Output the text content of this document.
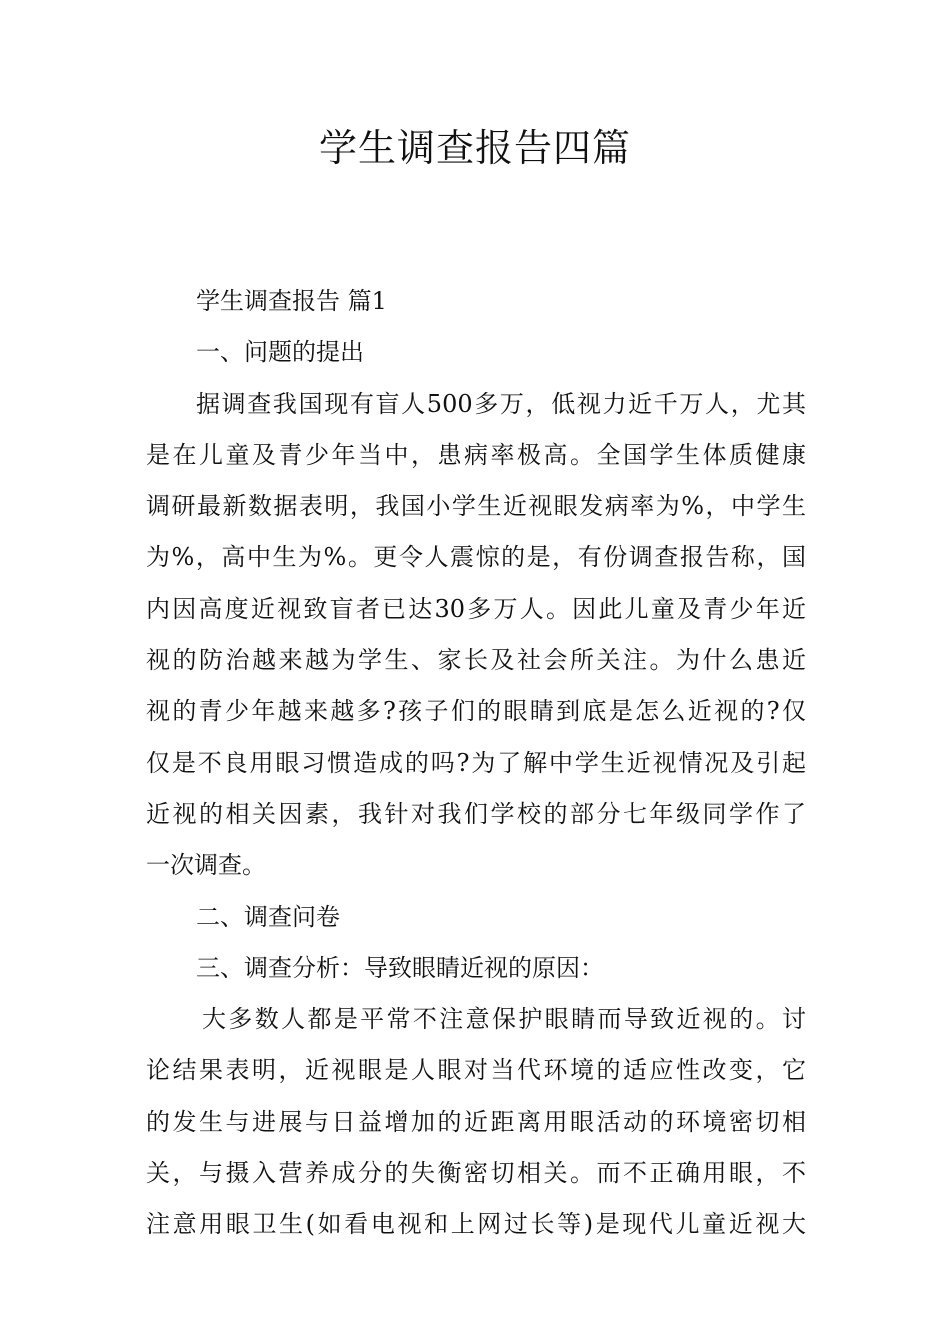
学生调查报告四篇

学生调查报告 篇1

一、问题的提出

据调查我国现有盲人500多万，低视力近千万人，尤其

是在儿童及青少年当中，患病率极高。全国学生体质健康

调研最新数据表明，我国小学生近视眼发病率为%，中学生

为%，高中生为%。更令人震惊的是，有份调查报告称，国

内因高度近视致盲者已达30多万人。因此儿童及青少年近

视的防治越来越为学生、家长及社会所关注。为什么患近

视的青少年越来越多?孩子们的眼睛到底是怎么近视的?仅

仅是不良用眼习惯造成的吗?为了解中学生近视情况及引起

近视的相关因素，我针对我们学校的部分七年级同学作了

一次调查。

二、调查问卷

三、调查分析：导致眼睛近视的原因：

大多数人都是平常不注意保护眼睛而导致近视的。讨

论结果表明，近视眼是人眼对当代环境的适应性改变，它

的发生与进展与日益增加的近距离用眼活动的环境密切相

关，与摄入营养成分的失衡密切相关。而不正确用眼，不

注意用眼卫生(如看电视和上网过长等)是现代儿童近视大
